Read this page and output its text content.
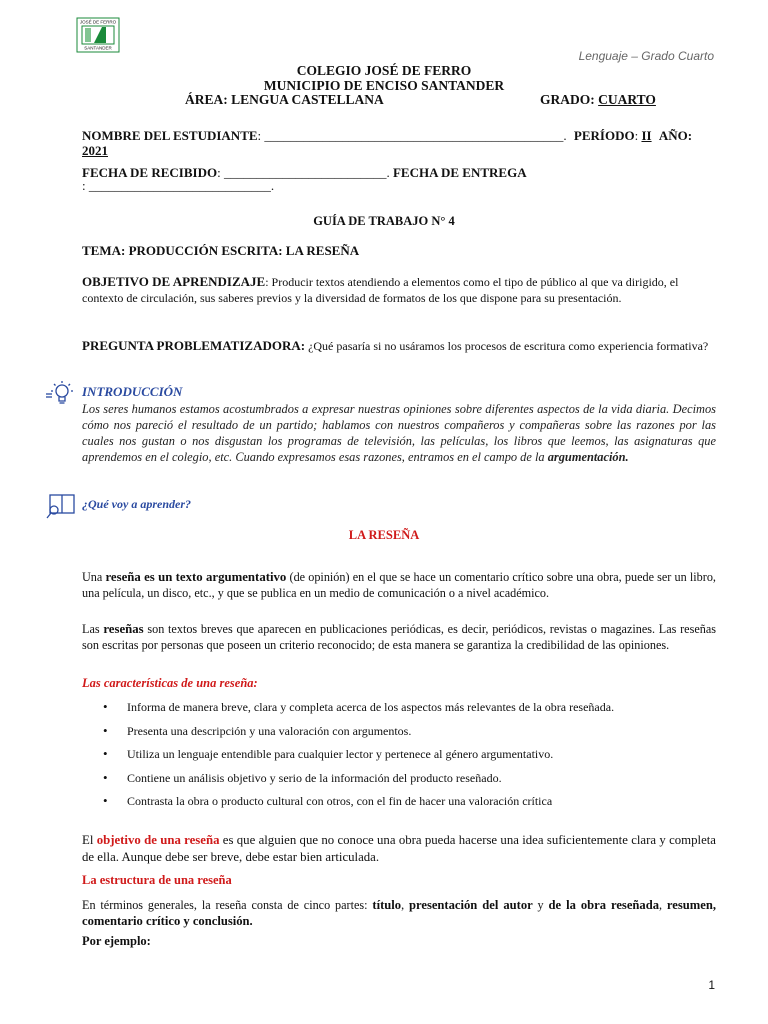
JOSÉ DE FERRO
SANTANDER
Lenguaje – Grado Cuarto
COLEGIO JOSÉ DE FERRO
MUNICIPIO DE ENCISO SANTANDER
ÁREA: LENGUA CASTELLANA	GRADO: CUARTO
NOMBRE DEL ESTUDIANTE: ______________________________________________. PERÍODO: II AÑO:
2021
FECHA DE RECIBIDO: _________________________. FECHA DE ENTREGA
: ____________________________.
GUÍA DE TRABAJO N° 4
TEMA: PRODUCCIÓN ESCRITA: LA RESEÑA
OBJETIVO DE APRENDIZAJE: Producir textos atendiendo a elementos como el tipo de público al que va dirigido, el contexto de circulación, sus saberes previos y la diversidad de formatos de los que dispone para su presentación.
PREGUNTA PROBLEMATIZADORA: ¿Qué pasaría si no usáramos los procesos de escritura como experiencia formativa?
INTRODUCCIÓN
Los seres humanos estamos acostumbrados a expresar nuestras opiniones sobre diferentes aspectos de la vida diaria. Decimos cómo nos pareció el resultado de un partido; hablamos con nuestros compañeros y compañeras sobre las razones por las cuales nos gustan o nos disgustan los programas de televisión, las películas, los libros que leemos, las asignaturas que aprendemos en el colegio, etc. Cuando expresamos esas razones, entramos en el campo de la argumentación.
¿Qué voy a aprender?
LA RESEÑA
Una reseña es un texto argumentativo (de opinión) en el que se hace un comentario crítico sobre una obra, puede ser un libro, una película, un disco, etc., y que se publica en un medio de comunicación o a nivel académico.
Las reseñas son textos breves que aparecen en publicaciones periódicas, es decir, periódicos, revistas o magazines. Las reseñas son escritas por personas que poseen un criterio reconocido; de esta manera se garantiza la credibilidad de las opiniones.
Las características de una reseña:
• Informa de manera breve, clara y completa acerca de los aspectos más relevantes de la obra reseñada.
• Presenta una descripción y una valoración con argumentos.
• Utiliza un lenguaje entendible para cualquier lector y pertenece al género argumentativo.
• Contiene un análisis objetivo y serio de la información del producto reseñado.
• Contrasta la obra o producto cultural con otros, con el fin de hacer una valoración crítica
El objetivo de una reseña es que alguien que no conoce una obra pueda hacerse una idea suficientemente clara y completa de ella. Aunque debe ser breve, debe estar bien articulada.
La estructura de una reseña
En términos generales, la reseña consta de cinco partes: título, presentación del autor y de la obra reseñada, resumen, comentario crítico y conclusión.
Por ejemplo:
1
